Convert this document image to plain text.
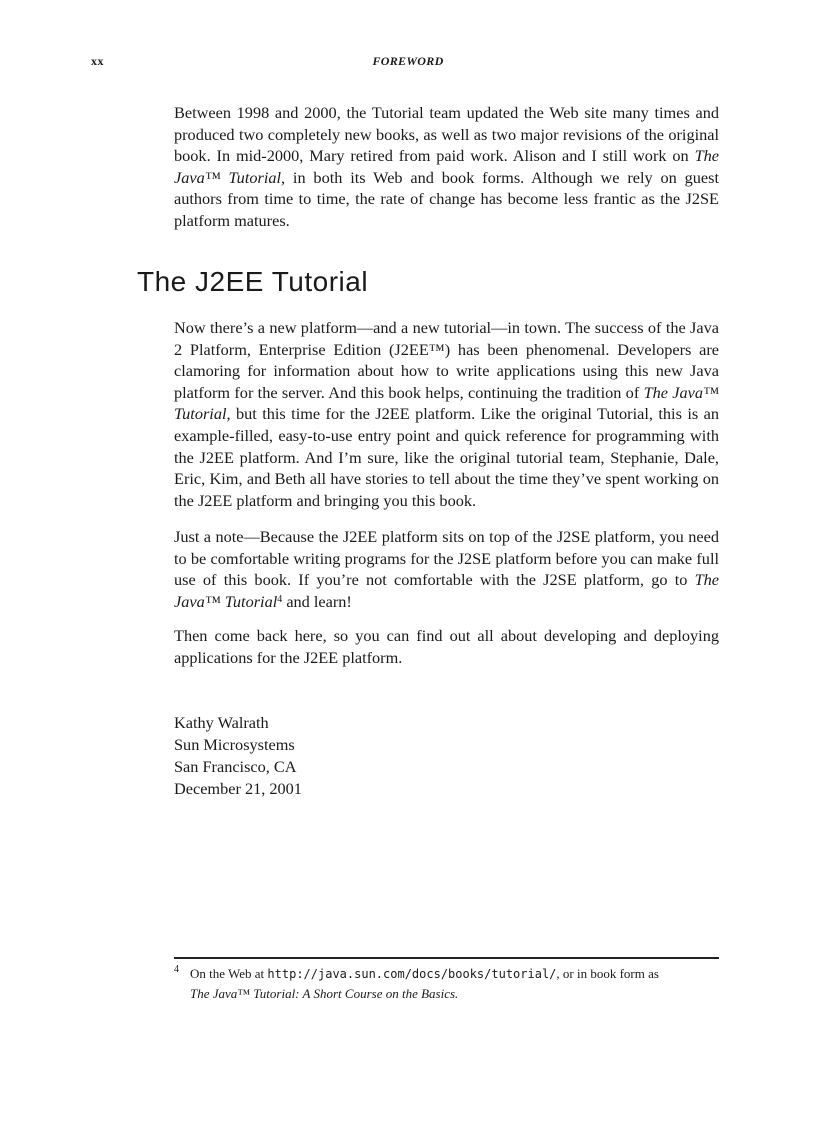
xx	FOREWORD

Between 1998 and 2000, the Tutorial team updated the Web site many times and produced two completely new books, as well as two major revisions of the original book. In mid-2000, Mary retired from paid work. Alison and I still work on The Java™ Tutorial, in both its Web and book forms. Although we rely on guest authors from time to time, the rate of change has become less frantic as the J2SE platform matures.

The J2EE Tutorial

Now there’s a new platform—and a new tutorial—in town. The success of the Java 2 Platform, Enterprise Edition (J2EE™) has been phenomenal. Developers are clamoring for information about how to write applications using this new Java platform for the server. And this book helps, continuing the tradition of The Java™ Tutorial, but this time for the J2EE platform. Like the original Tutorial, this is an example-filled, easy-to-use entry point and quick reference for programming with the J2EE platform. And I’m sure, like the original tutorial team, Stephanie, Dale, Eric, Kim, and Beth all have stories to tell about the time they’ve spent working on the J2EE platform and bringing you this book.

Just a note—Because the J2EE platform sits on top of the J2SE platform, you need to be comfortable writing programs for the J2SE platform before you can make full use of this book. If you’re not comfortable with the J2SE platform, go to The Java™ Tutorial$^4$ and learn!

Then come back here, so you can find out all about developing and deploying applications for the J2EE platform.

Kathy Walrath
Sun Microsystems
San Francisco, CA
December 21, 2001
4 On the Web at http://java.sun.com/docs/books/tutorial/, or in book form as
The Java™ Tutorial: A Short Course on the Basics.
